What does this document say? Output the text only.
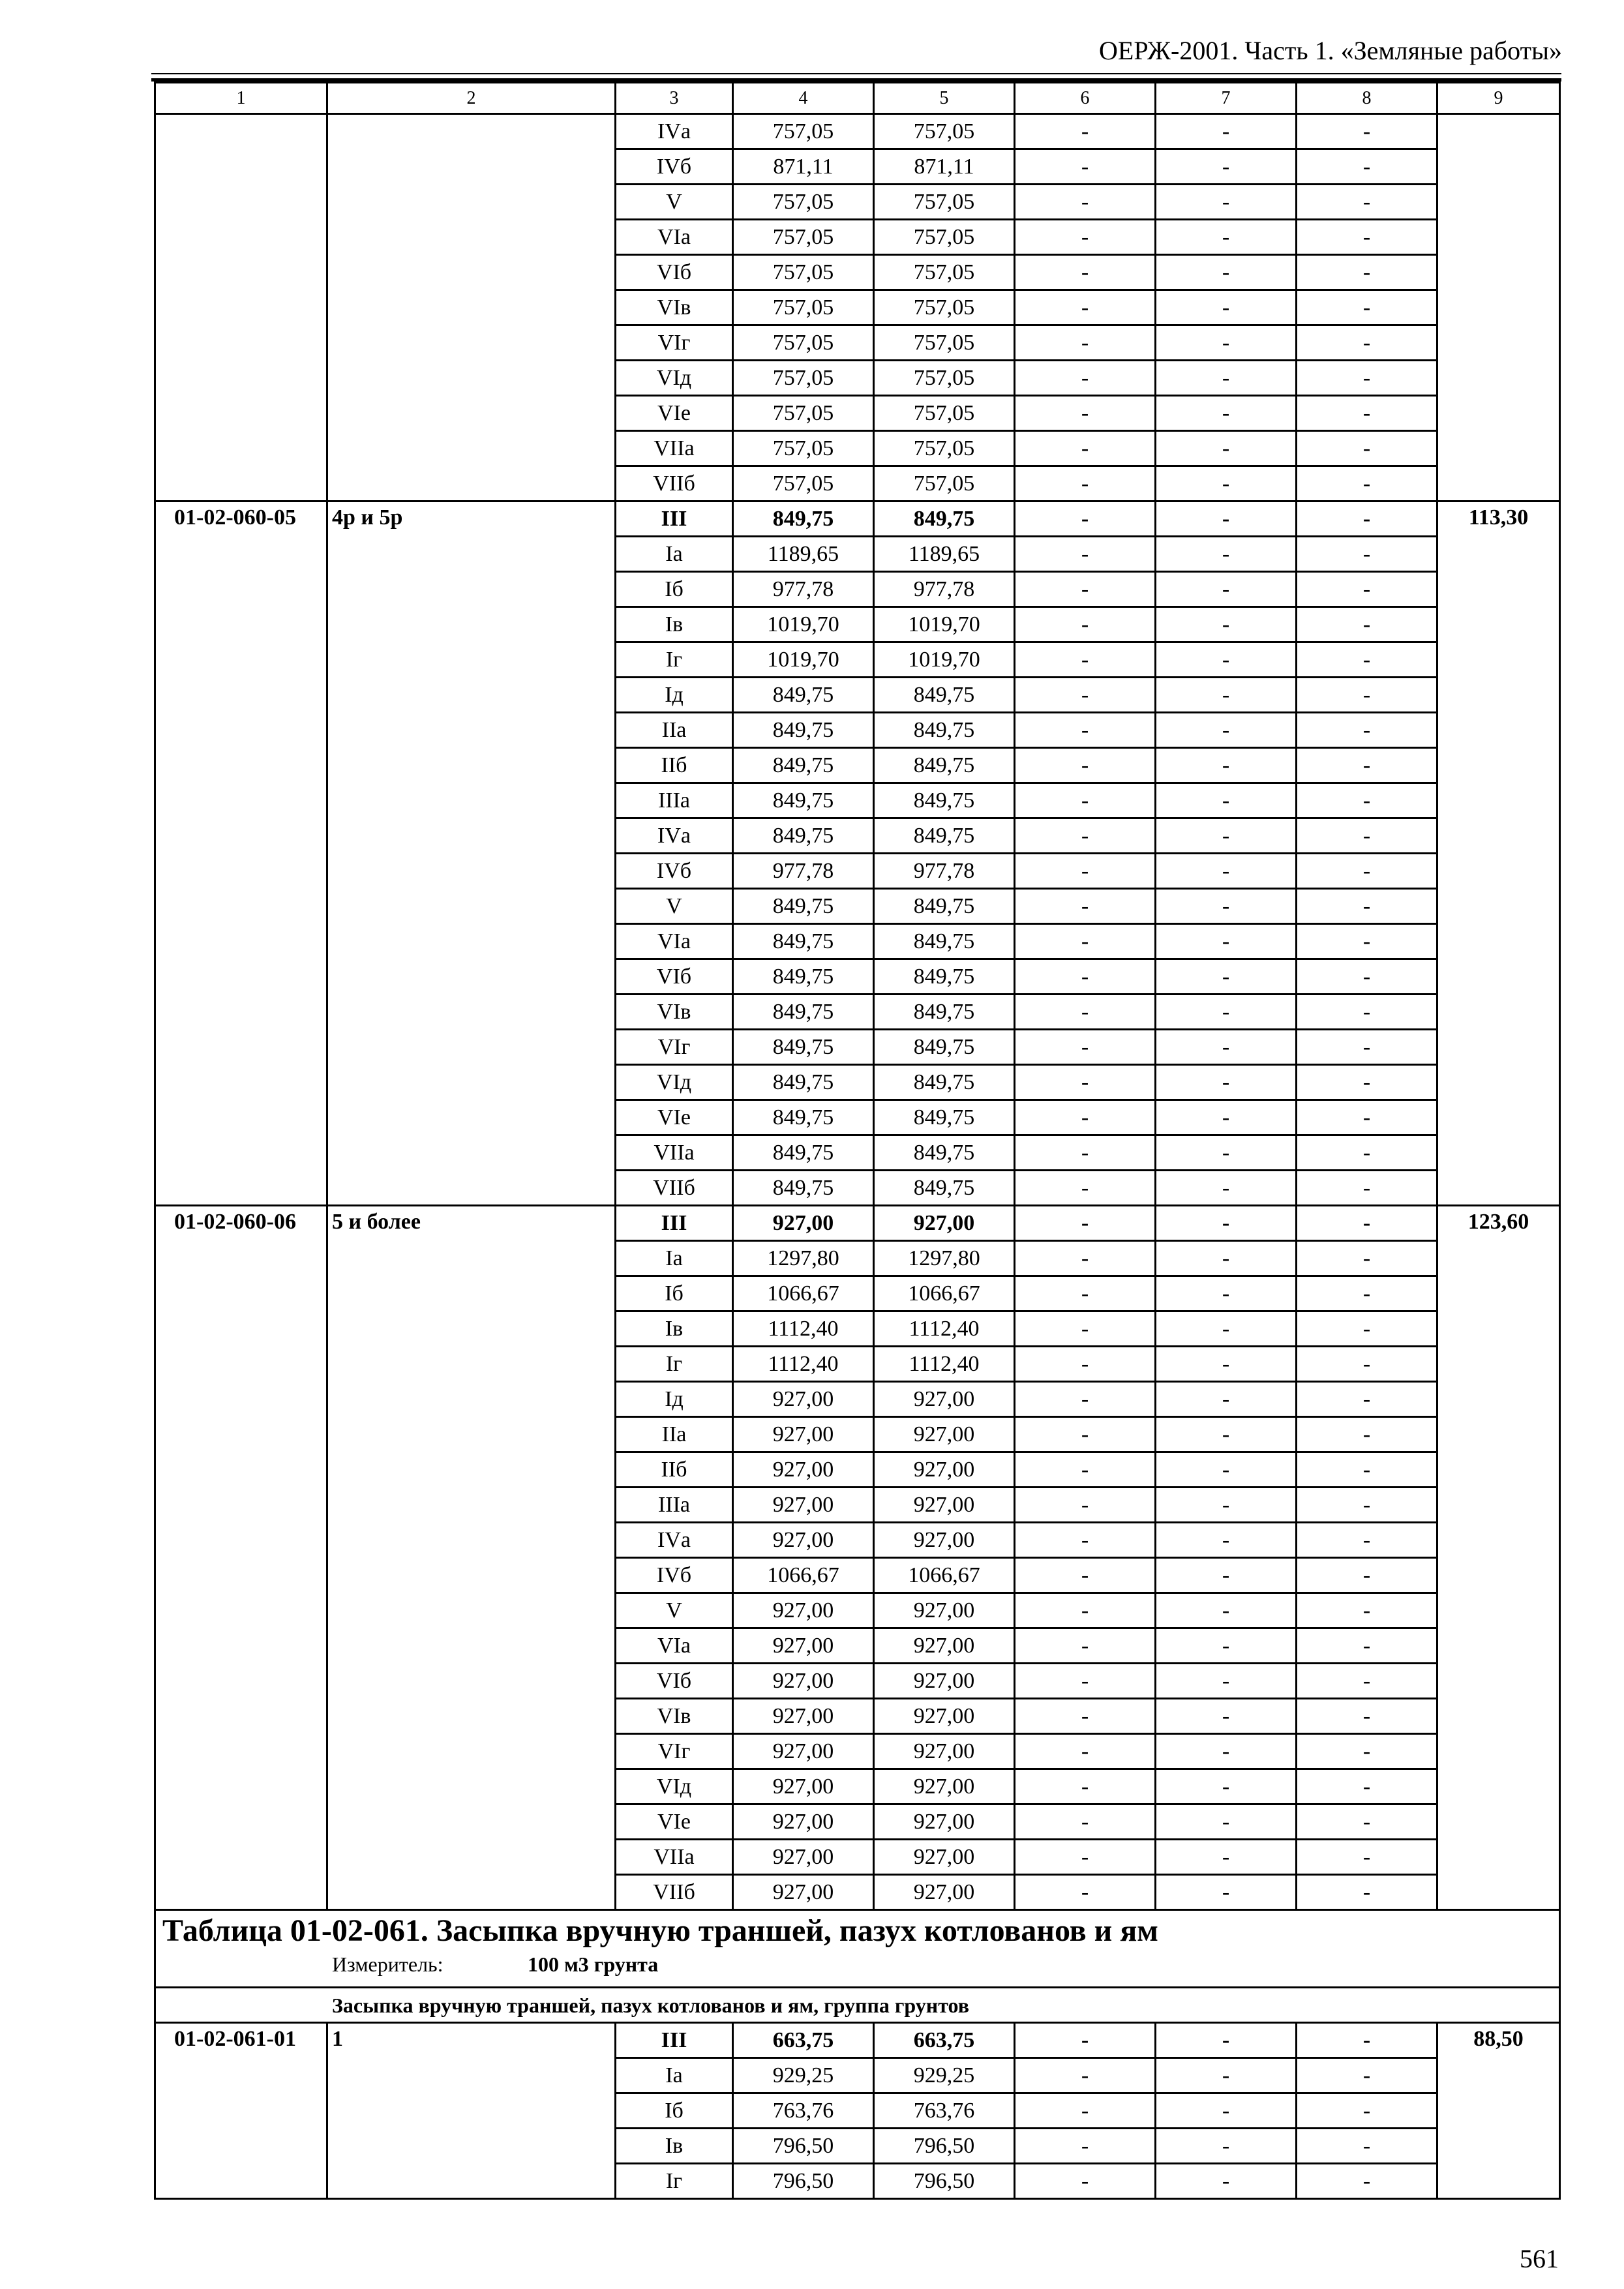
ОЕРЖ-2001. Часть 1. «Земляные работы»
1	2	3	4	5	6	7	8	9
		IVа	757,05	757,05	-	-	-	
		IVб	871,11	871,11	-	-	-	
		V	757,05	757,05	-	-	-	
		VIа	757,05	757,05	-	-	-	
		VIб	757,05	757,05	-	-	-	
		VIв	757,05	757,05	-	-	-	
		VIг	757,05	757,05	-	-	-	
		VIд	757,05	757,05	-	-	-	
		VIе	757,05	757,05	-	-	-	
		VIIа	757,05	757,05	-	-	-	
		VIIб	757,05	757,05	-	-	-	
01-02-060-05	4р и 5р	III	849,75	849,75	-	-	-	113,30
		Iа	1189,65	1189,65	-	-	-	
		Iб	977,78	977,78	-	-	-	
		Iв	1019,70	1019,70	-	-	-	
		Iг	1019,70	1019,70	-	-	-	
		Iд	849,75	849,75	-	-	-	
		IIа	849,75	849,75	-	-	-	
		IIб	849,75	849,75	-	-	-	
		IIIа	849,75	849,75	-	-	-	
		IVа	849,75	849,75	-	-	-	
		IVб	977,78	977,78	-	-	-	
		V	849,75	849,75	-	-	-	
		VIа	849,75	849,75	-	-	-	
		VIб	849,75	849,75	-	-	-	
		VIв	849,75	849,75	-	-	-	
		VIг	849,75	849,75	-	-	-	
		VIд	849,75	849,75	-	-	-	
		VIе	849,75	849,75	-	-	-	
		VIIа	849,75	849,75	-	-	-	
		VIIб	849,75	849,75	-	-	-	
01-02-060-06	5 и более	III	927,00	927,00	-	-	-	123,60
		Iа	1297,80	1297,80	-	-	-	
		Iб	1066,67	1066,67	-	-	-	
		Iв	1112,40	1112,40	-	-	-	
		Iг	1112,40	1112,40	-	-	-	
		Iд	927,00	927,00	-	-	-	
		IIа	927,00	927,00	-	-	-	
		IIб	927,00	927,00	-	-	-	
		IIIа	927,00	927,00	-	-	-	
		IVа	927,00	927,00	-	-	-	
		IVб	1066,67	1066,67	-	-	-	
		V	927,00	927,00	-	-	-	
		VIа	927,00	927,00	-	-	-	
		VIб	927,00	927,00	-	-	-	
		VIв	927,00	927,00	-	-	-	
		VIг	927,00	927,00	-	-	-	
		VIд	927,00	927,00	-	-	-	
		VIе	927,00	927,00	-	-	-	
		VIIа	927,00	927,00	-	-	-	
		VIIб	927,00	927,00	-	-	-	

Таблица 01-02-061. Засыпка вручную траншей, пазух котлованов и ям
Измеритель: 100 м3 грунта								

Засыпка вручную траншей, пазух котлованов и ям, группа грунтов								
01-02-061-01	1	III	663,75	663,75	-	-	-	88,50
		Iа	929,25	929,25	-	-	-	
		Iб	763,76	763,76	-	-	-	
		Iв	796,50	796,50	-	-	-	
		Iг	796,50	796,50	-	-	-	
561
